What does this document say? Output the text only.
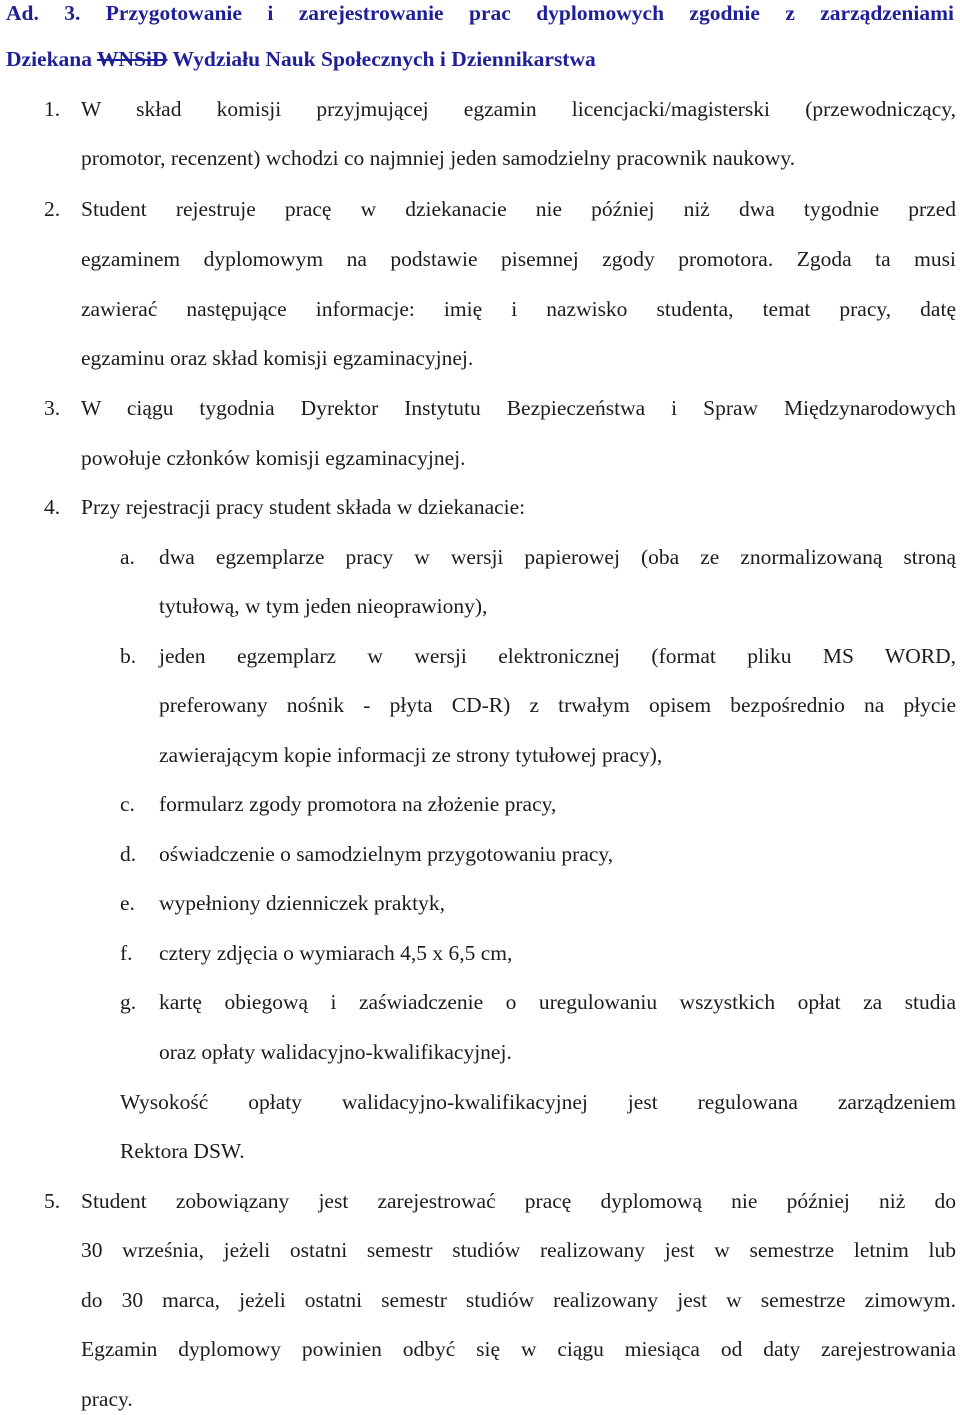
Ad. 3. Przygotowanie i zarejestrowanie prac dyplomowych zgodnie z zarządzeniami
Dziekana WNSiD Wydziału Nauk Społecznych i Dziennikarstwa
1. W skład komisji przyjmującej egzamin licencjacki/magisterski (przewodniczący,
promotor, recenzent) wchodzi co najmniej jeden samodzielny pracownik naukowy.
2. Student rejestruje pracę w dziekanacie nie później niż dwa tygodnie przed
egzaminem dyplomowym na podstawie pisemnej zgody promotora. Zgoda ta musi
zawierać następujące informacje: imię i nazwisko studenta, temat pracy, datę
egzaminu oraz skład komisji egzaminacyjnej.
3. W ciągu tygodnia Dyrektor Instytutu Bezpieczeństwa i Spraw Międzynarodowych
powołuje członków komisji egzaminacyjnej.
4. Przy rejestracji pracy student składa w dziekanacie:
a. dwa egzemplarze pracy w wersji papierowej (oba ze znormalizowaną stroną
tytułową, w tym jeden nieoprawiony),
b. jeden egzemplarz w wersji elektronicznej (format pliku MS WORD,
preferowany nośnik - płyta CD-R) z trwałym opisem bezpośrednio na płycie
zawierającym kopie informacji ze strony tytułowej pracy),
c. formularz zgody promotora na złożenie pracy,
d. oświadczenie o samodzielnym przygotowaniu pracy,
e. wypełniony dzienniczek praktyk,
f. cztery zdjęcia o wymiarach 4,5 x 6,5 cm,
g. kartę obiegową i zaświadczenie o uregulowaniu wszystkich opłat za studia
oraz opłaty walidacyjno-kwalifikacyjnej.
Wysokość opłaty walidacyjno-kwalifikacyjnej jest regulowana zarządzeniem
Rektora DSW.
5. Student zobowiązany jest zarejestrować pracę dyplomową nie później niż do
30 września, jeżeli ostatni semestr studiów realizowany jest w semestrze letnim lub
do 30 marca, jeżeli ostatni semestr studiów realizowany jest w semestrze zimowym.
Egzamin dyplomowy powinien odbyć się w ciągu miesiąca od daty zarejestrowania
pracy.
